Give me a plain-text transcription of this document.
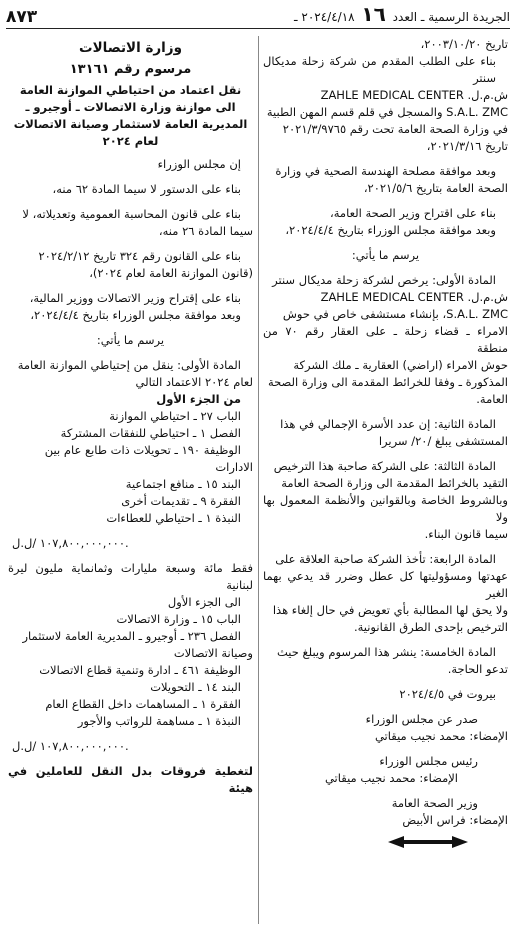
الجريدة الرسمية ـ العدد ١٦ ٢٠٢٤/٤/١٨ ـ
٨٧٣

تاريخ ٢٠٠٣/١٠/٢٠،

بناء على الطلب المقدم من شركة زحلة مديكال سنتر

ش.م.ل. ZAHLE MEDICAL CENTER

S.A.L. ZMC والمسجل في قلم قسم المهن الطبية

في وزارة الصحة العامة تحت رقم ٢٠٢١/٣/٩٧٦٥

تاريخ ٢٠٢١/٣/١٦،

وبعد موافقة مصلحة الهندسة الصحية في وزارة

الصحة العامة بتاريخ ٢٠٢١/٥/٦،

بناء على اقتراح وزير الصحة العامة،

وبعد موافقة مجلس الوزراء بتاريخ ٢٠٢٤/٤/٤،

يرسم ما يأتي:

المادة الأولى: يرخص لشركة زحلة مديكال سنتر

ش.م.ل. ZAHLE MEDICAL CENTER

S.A.L. ZMC، بإنشاء مستشفى خاص في حوش

الامراء ـ قضاء زحلة ـ على العقار رقم ٧٠ من منطقة

حوش الامراء (اراضي) العقارية ـ ملك الشركة

المذكورة ـ وفقا للخرائط المقدمة الى وزارة الصحة

العامة.

المادة الثانية: إن عدد الأسرة الإجمالي في هذا

المستشفى يبلغ /٢٠/ سريرا

المادة الثالثة: على الشركة صاحبة هذا الترخيص

التقيد بالخرائط المقدمة الى وزارة الصحة العامة

وبالشروط الخاصة وبالقوانين والأنظمة المعمول بها ولا

سيما قانون البناء.

المادة الرابعة: تأخذ الشركة صاحبة العلاقة على

عهدتها ومسؤوليتها كل عطل وضرر قد يدعي بهما الغير

ولا يحق لها المطالبة بأي تعويض في حال إلغاء هذا

الترخيص بإحدى الطرق القانونية.

المادة الخامسة: ينشر هذا المرسوم ويبلغ حيث

تدعو الحاجة.

بيروت في ٢٠٢٤/٤/٥

صدر عن مجلس الوزراء

الإمضاء: محمد نجيب ميقاتي

رئيس مجلس الوزراء

الإمضاء: محمد نجيب ميقاتي

وزير الصحة العامة

الإمضاء: فراس الأبيض

وزارة الاتصالات
مرسوم رقم ١٣١٦١
نقل اعتماد من احتياطي الموازنة العامة
الى موازنة وزارة الاتصالات ـ أوجيرو ـ
المديرية العامة لاستثمار وصيانة الاتصالات
لعام ٢٠٢٤

إن مجلس الوزراء

بناء على الدستور لا سيما المادة ٦٢ منه،

بناء على قانون المحاسبة العمومية وتعديلاته، لا

سيما المادة ٢٦ منه،

بناء على القانون رقم ٣٢٤ تاريخ ٢٠٢٤/٢/١٢

(قانون الموازنة العامة لعام ٢٠٢٤)،

بناء على إقتراح وزير الاتصالات ووزير المالية،

وبعد موافقة مجلس الوزراء بتاريخ ٢٠٢٤/٤/٤،

يرسم ما يأتي:

المادة الأولى: ينقل من إحتياطي الموازنة العامة

لعام ٢٠٢٤ الاعتماد التالي

من الجزء الأول

الباب ٢٧ ـ احتياطي الموازنة

الفصل ١ ـ احتياطي للنفقات المشتركة

الوظيفة ١٩٠ ـ تحويلات ذات طابع عام بين

الادارات

البند ١٥ ـ منافع اجتماعية

الفقرة ٩ ـ تقديمات أخرى

النبذة ١ ـ احتياطي للعطاءات

١٠٧,٨٠٠,٠٠٠,٠٠٠ /ل.ل.

فقط مائة وسبعة مليارات وثمانماية مليون ليرة لبنانية

الى الجزء الأول

الباب ١٥ ـ وزارة الاتصالات

الفصل ٢٣٦ ـ أوجيرو ـ المديرية العامة لاستثمار

وصيانة الاتصالات

الوظيفة ٤٦١ ـ ادارة وتنمية قطاع الاتصالات

البند ١٤ ـ التحويلات

الفقرة ١ ـ المساهمات داخل القطاع العام

النبذة ١ ـ مساهمة للرواتب والأجور

١٠٧,٨٠٠,٠٠٠,٠٠٠ /ل.ل.

لتغطية فروقات بدل النقل للعاملين في هيئة
